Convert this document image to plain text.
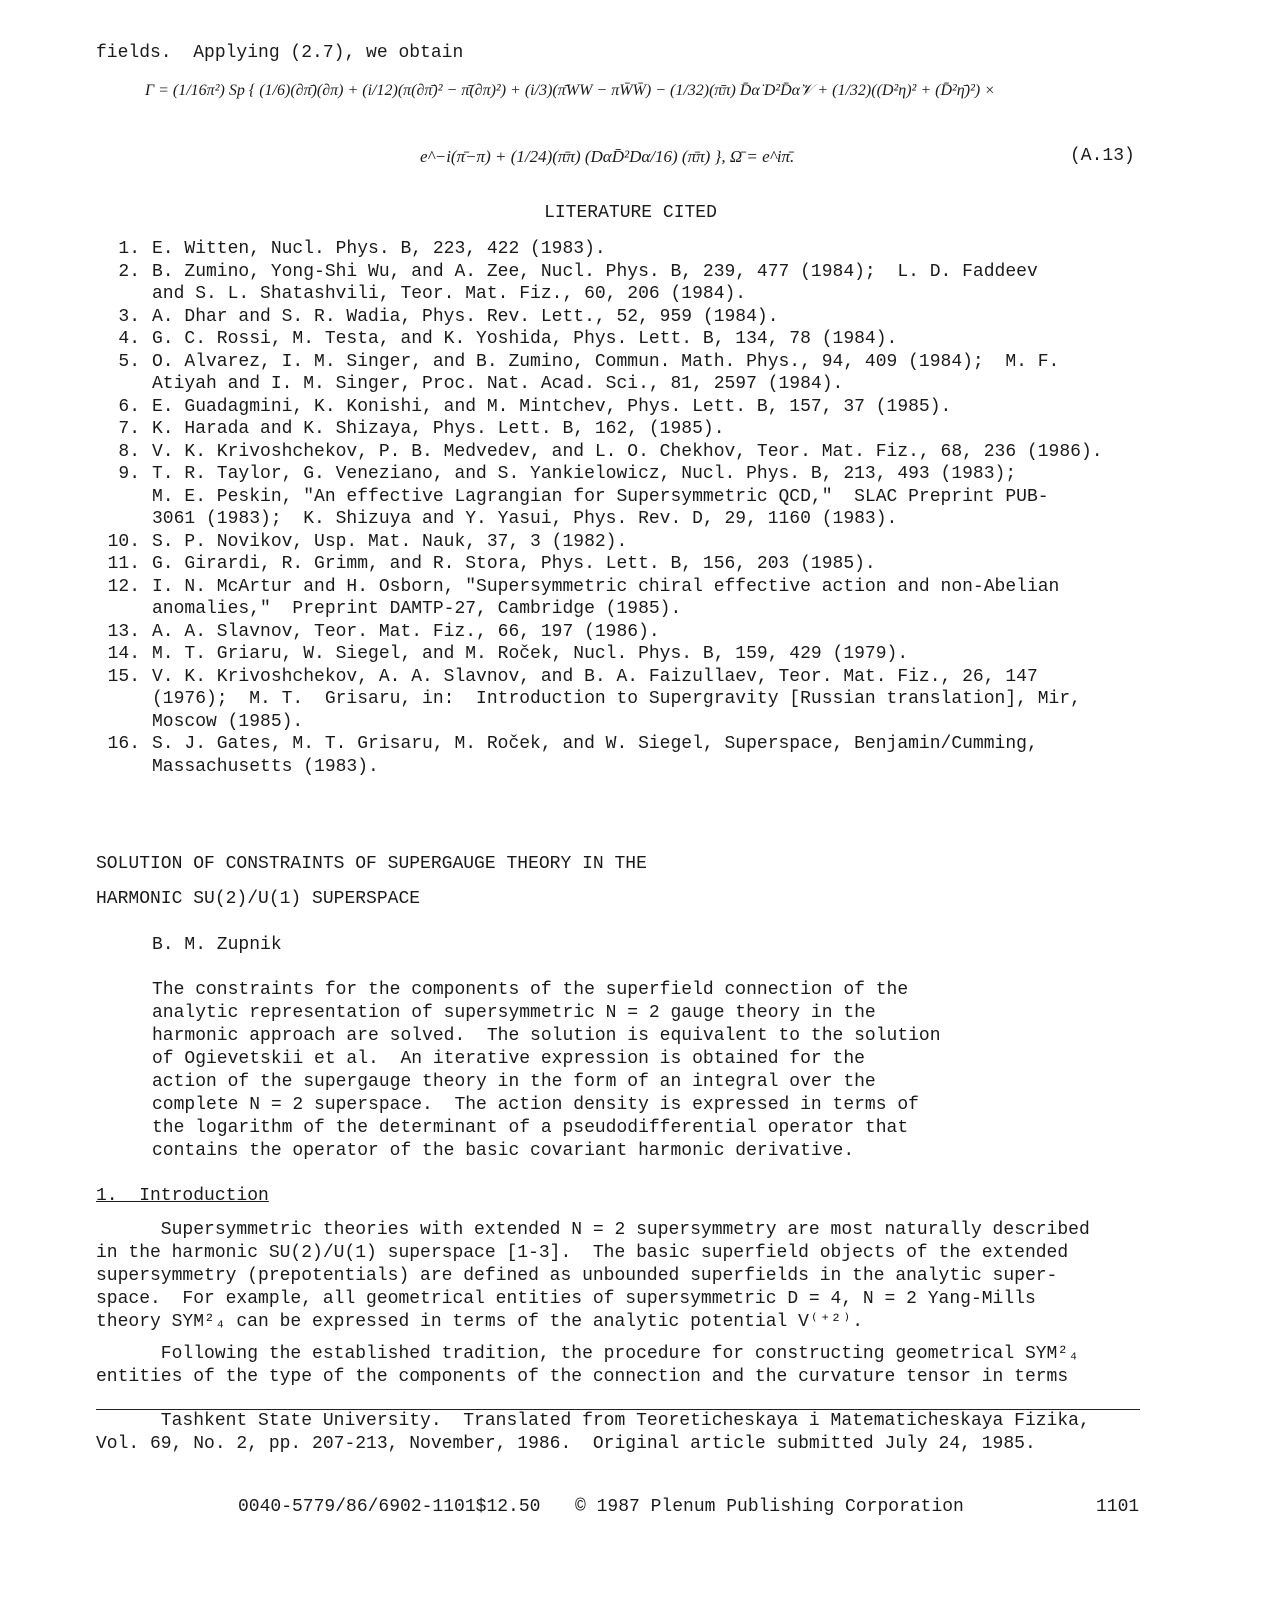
fields.  Applying (2.7), we obtain
Γ = (1/16π²) Sp { (1/6)(∂π̄)(∂π) + (i/12)(π(∂π̄)² − π̄(∂π)²) + (i/3)(π̄WW − πW̄W̄) − (1/32)(π̄π) D̄α̇ D²D̄α̇𝒱 + (1/32)((D²η)² + (D̄²η̄)²) ×
e^−i(π̄−π) + (1/24)(π̄π) (DαD̄²Dα/16) (π̄π) }, Ω̄ = e^iπ̄.	(A.13)
LITERATURE CITED
1. E. Witten, Nucl. Phys. B, 223, 422 (1983).
2. B. Zumino, Yong-Shi Wu, and A. Zee, Nucl. Phys. B, 239, 477 (1984);  L. D. Faddeev
and S. L. Shatashvili, Teor. Mat. Fiz., 60, 206 (1984).
3. A. Dhar and S. R. Wadia, Phys. Rev. Lett., 52, 959 (1984).
4. G. C. Rossi, M. Testa, and K. Yoshida, Phys. Lett. B, 134, 78 (1984).
5. O. Alvarez, I. M. Singer, and B. Zumino, Commun. Math. Phys., 94, 409 (1984);  M. F.
Atiyah and I. M. Singer, Proc. Nat. Acad. Sci., 81, 2597 (1984).
6. E. Guadagmini, K. Konishi, and M. Mintchev, Phys. Lett. B, 157, 37 (1985).
7. K. Harada and K. Shizaya, Phys. Lett. B, 162, (1985).
8. V. K. Krivoshchekov, P. B. Medvedev, and L. O. Chekhov, Teor. Mat. Fiz., 68, 236 (1986).
9. T. R. Taylor, G. Veneziano, and S. Yankielowicz, Nucl. Phys. B, 213, 493 (1983);
M. E. Peskin, "An effective Lagrangian for Supersymmetric QCD,"  SLAC Preprint PUB-
3061 (1983);  K. Shizuya and Y. Yasui, Phys. Rev. D, 29, 1160 (1983).
10. S. P. Novikov, Usp. Mat. Nauk, 37, 3 (1982).
11. G. Girardi, R. Grimm, and R. Stora, Phys. Lett. B, 156, 203 (1985).
12. I. N. McArtur and H. Osborn, "Supersymmetric chiral effective action and non-Abelian
anomalies,"  Preprint DAMTP-27, Cambridge (1985).
13. A. A. Slavnov, Teor. Mat. Fiz., 66, 197 (1986).
14. M. T. Griaru, W. Siegel, and M. Roček, Nucl. Phys. B, 159, 429 (1979).
15. V. K. Krivoshchekov, A. A. Slavnov, and B. A. Faizullaev, Teor. Mat. Fiz., 26, 147
(1976);  M. T.  Grisaru, in:  Introduction to Supergravity [Russian translation], Mir,
Moscow (1985).
16. S. J. Gates, M. T. Grisaru, M. Roček, and W. Siegel, Superspace, Benjamin/Cumming,
Massachusetts (1983).
SOLUTION OF CONSTRAINTS OF SUPERGAUGE THEORY IN THE
HARMONIC SU(2)/U(1) SUPERSPACE
B. M. Zupnik
The constraints for the components of the superfield connection of the
analytic representation of supersymmetric N = 2 gauge theory in the
harmonic approach are solved.  The solution is equivalent to the solution
of Ogievetskii et al.  An iterative expression is obtained for the
action of the supergauge theory in the form of an integral over the
complete N = 2 superspace.  The action density is expressed in terms of
the logarithm of the determinant of a pseudodifferential operator that
contains the operator of the basic covariant harmonic derivative.
1.  Introduction
Supersymmetric theories with extended N = 2 supersymmetry are most naturally described
in the harmonic SU(2)/U(1) superspace [1-3].  The basic superfield objects of the extended
supersymmetry (prepotentials) are defined as unbounded superfields in the analytic super-
space.  For example, all geometrical entities of supersymmetric D = 4, N = 2 Yang-Mills
theory SYM²₄ can be expressed in terms of the analytic potential V⁽⁺²⁾.
Following the established tradition, the procedure for constructing geometrical SYM²₄
entities of the type of the components of the connection and the curvature tensor in terms
Tashkent State University.  Translated from Teoreticheskaya i Matematicheskaya Fizika,
Vol. 69, No. 2, pp. 207-213, November, 1986.  Original article submitted July 24, 1985.
0040-5779/86/6902-1101$12.50 © 1987 Plenum Publishing Corporation	1101
